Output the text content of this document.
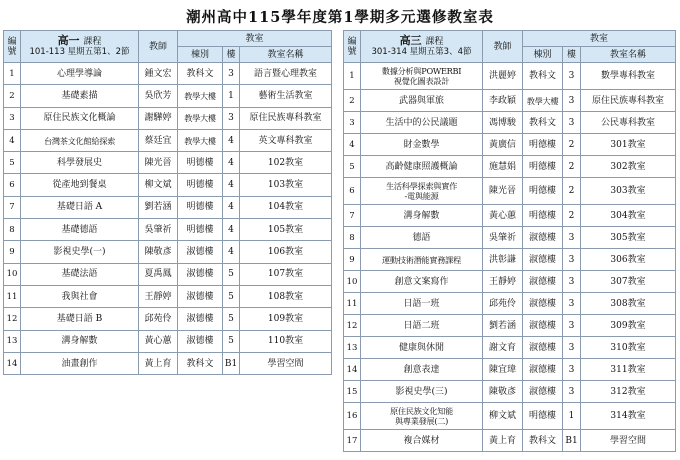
潮州高中115學年度第1學期多元選修教室表
編號	高一 課程
101-113 星期五第1、2節	教師	教室		
			棟別	樓	教室名稱
1	心理學導論	鍾文宏	教科文	3	語言暨心理教室
2	基礎素描	吳欣芳	教學大樓	1	藝術生活教室
3	原住民族文化概論	謝驊婷	教學大樓	3	原住民族專科教室
4	台灣茶文化館給探索	蔡廷宜	教學大樓	4	英文專科教室
5	科學發展史	陳光晉	明德樓	4	102教室
6	從產地到餐桌	柳文斌	明德樓	4	103教室
7	基礎日語 A	劉若涵	明德樓	4	104教室
8	基礎德語	吳肇祈	明德樓	4	105教室
9	影視史學(一)	陳敬彥	淑德樓	4	106教室
10	基礎法語	夏禹鳳	淑德樓	5	107教室
11	我與社會	王靜婷	淑德樓	5	108教室
12	基礎日語 B	邱苑伶	淑德樓	5	109教室
13	溝身解數	黃心蕙	淑德樓	5	110教室
14	油畫創作	黃上育	教科文	B1	學習空間
編號	高三 課程
301-314 星期五第3、4節	教師	教室		
			棟別	樓	教室名稱
1	數據分析與POWERBI
視覺化圖表設計	洪麗婷	教科文	3	數學專科教室
2	武器與軍旅	李政穎	教學大樓	3	原住民族專科教室
3	生活中的公民議題	馮博駿	教科文	3	公民專科教室
4	財金數學	黃廣信	明德樓	2	301教室
5	高齡健康照護概論	施慧娟	明德樓	2	302教室
6	生活科學探索與實作
-電與能源	陳光晉	明德樓	2	303教室
7	溝身解數	黃心蕙	明德樓	2	304教室
8	德語	吳肇祈	淑德樓	3	305教室
9	運動技術潛能實務課程	洪彰謙	淑德樓	3	306教室
10	創意文案寫作	王靜婷	淑德樓	3	307教室
11	日語一班	邱苑伶	淑德樓	3	308教室
12	日語二班	劉若涵	淑德樓	3	309教室
13	健康與休閒	謝文育	淑德樓	3	310教室
14	創意表達	陳宜瑋	淑德樓	3	311教室
15	影視史學(三)	陳敬彥	淑德樓	3	312教室
16	原住民族文化知能
與專業發展(二)	柳文斌	明德樓	1	314教室
17	複合媒材	黃上育	教科文	B1	學習空間
